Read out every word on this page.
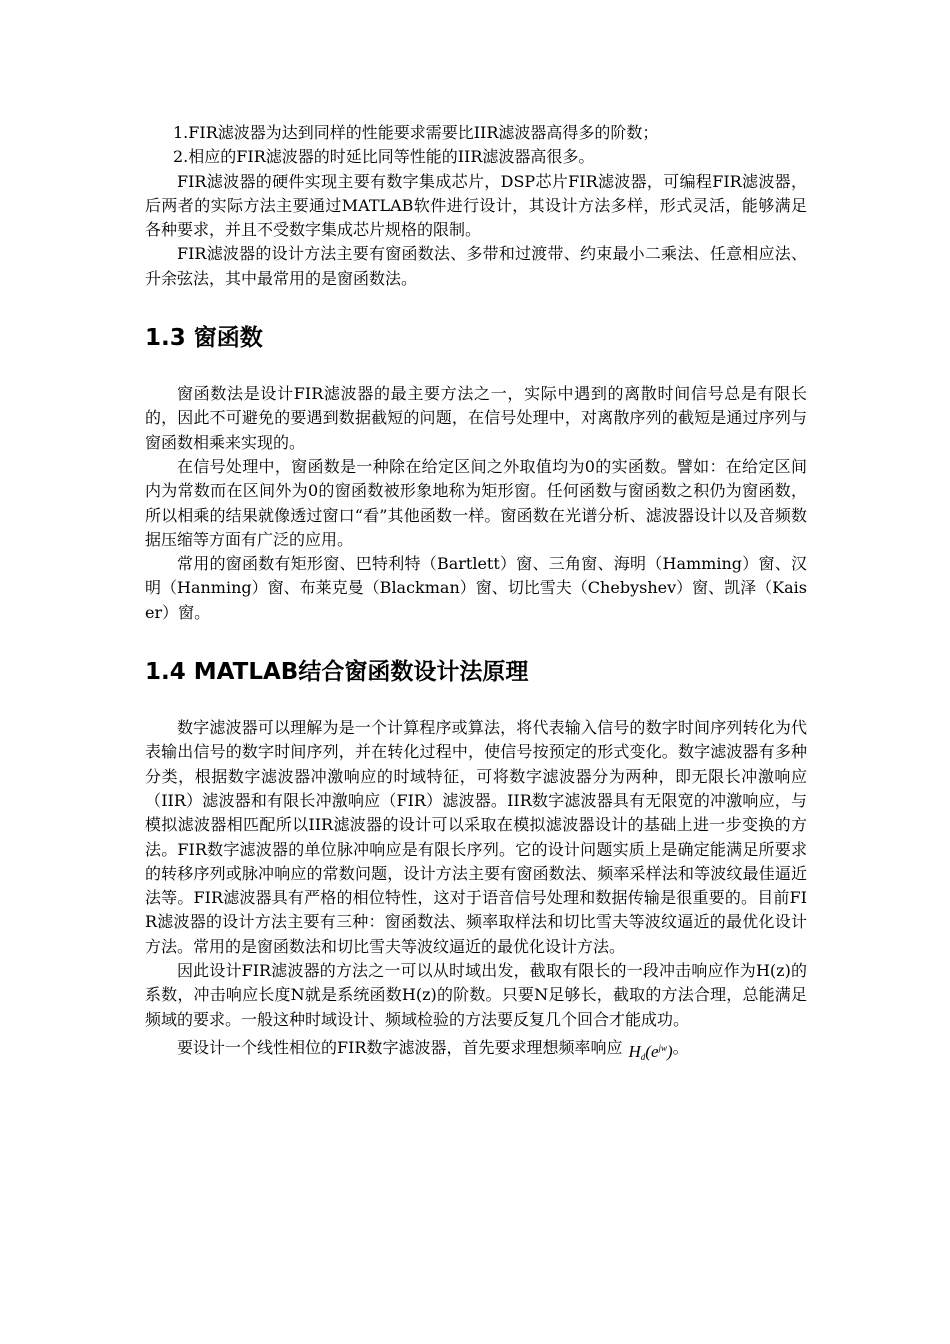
1.FIR滤波器为达到同样的性能要求需要比IIR滤波器高得多的阶数；

2.相应的FIR滤波器的时延比同等性能的IIR滤波器高很多。

FIR滤波器的硬件实现主要有数字集成芯片，DSP芯片FIR滤波器，可编程FIR滤波器，后两者的实际方法主要通过MATLAB软件进行设计，其设计方法多样，形式灵活，能够满足各种要求，并且不受数字集成芯片规格的限制。

FIR滤波器的设计方法主要有窗函数法、多带和过渡带、约束最小二乘法、任意相应法、升余弦法，其中最常用的是窗函数法。

1.3 窗函数

窗函数法是设计FIR滤波器的最主要方法之一，实际中遇到的离散时间信号总是有限长的，因此不可避免的要遇到数据截短的问题，在信号处理中，对离散序列的截短是通过序列与窗函数相乘来实现的。

在信号处理中，窗函数是一种除在给定区间之外取值均为0的实函数。譬如：在给定区间内为常数而在区间外为0的窗函数被形象地称为矩形窗。任何函数与窗函数之积仍为窗函数，所以相乘的结果就像透过窗口“看”其他函数一样。窗函数在光谱分析、滤波器设计以及音频数据压缩等方面有广泛的应用。

常用的窗函数有矩形窗、巴特利特（Bartlett）窗、三角窗、海明（Hamming）窗、汉明（Hanming）窗、布莱克曼（Blackman）窗、切比雪夫（Chebyshev）窗、凯泽（Kaiser）窗。

1.4 MATLAB结合窗函数设计法原理

数字滤波器可以理解为是一个计算程序或算法，将代表输入信号的数字时间序列转化为代表输出信号的数字时间序列，并在转化过程中，使信号按预定的形式变化。数字滤波器有多种分类，根据数字滤波器冲激响应的时域特征，可将数字滤波器分为两种，即无限长冲激响应（IIR）滤波器和有限长冲激响应（FIR）滤波器。IIR数字滤波器具有无限宽的冲激响应，与模拟滤波器相匹配所以IIR滤波器的设计可以采取在模拟滤波器设计的基础上进一步变换的方法。FIR数字滤波器的单位脉冲响应是有限长序列。它的设计问题实质上是确定能满足所要求的转移序列或脉冲响应的常数问题，设计方法主要有窗函数法、频率采样法和等波纹最佳逼近法等。FIR滤波器具有严格的相位特性，这对于语音信号处理和数据传输是很重要的。目前FIR滤波器的设计方法主要有三种：窗函数法、频率取样法和切比雪夫等波纹逼近的最优化设计方法。常用的是窗函数法和切比雪夫等波纹逼近的最优化设计方法。

因此设计FIR滤波器的方法之一可以从时域出发，截取有限长的一段冲击响应作为H(z)的系数，冲击响应长度N就是系统函数H(z)的阶数。只要N足够长，截取的方法合理，总能满足频域的要求。一般这种时域设计、频域检验的方法要反复几个回合才能成功。

要设计一个线性相位的FIR数字滤波器，首先要求理想频率响应 $H_d(e^{jw})$。
